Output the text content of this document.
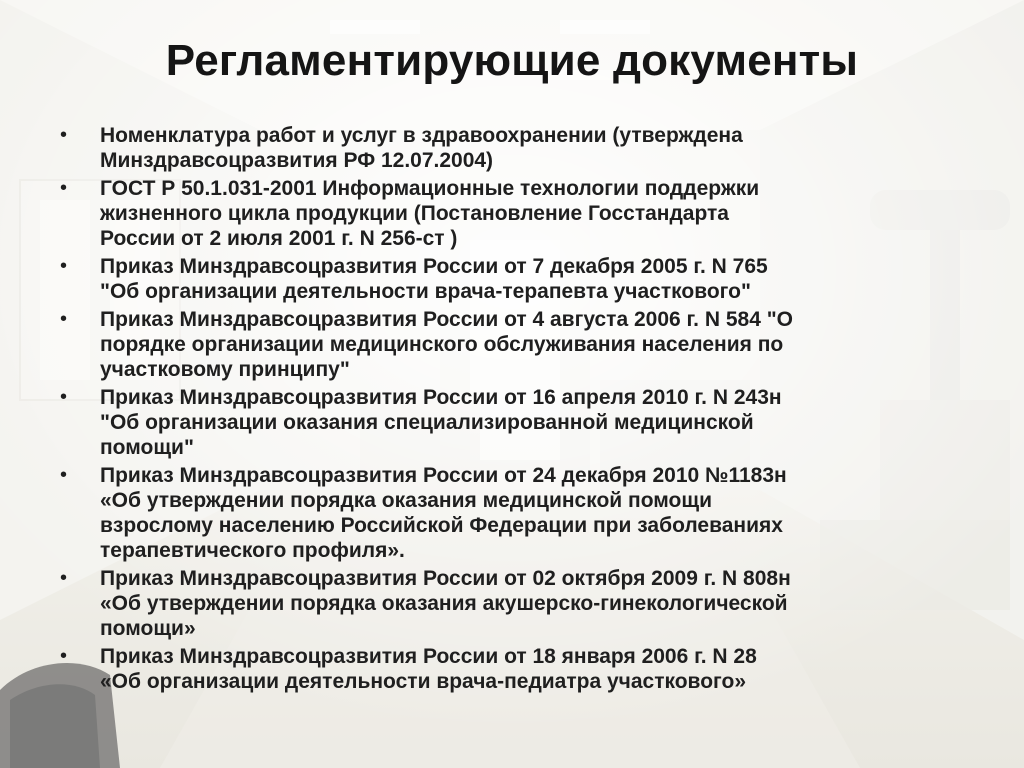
Регламентирующие документы
•	Номенклатура работ и услуг в здравоохранении (утверждена
Минздравсоцразвития РФ 12.07.2004)
•	ГОСТ Р 50.1.031-2001 Информационные технологии поддержки
жизненного цикла продукции (Постановление Госстандарта
России от 2 июля 2001 г. N 256-ст )
•	Приказ Минздравсоцразвития России от 7 декабря 2005 г. N 765
"Об организации деятельности врача-терапевта участкового"
•	Приказ Минздравсоцразвития России от 4 августа 2006 г. N 584 "О
порядке организации медицинского обслуживания населения по
участковому принципу"
•	Приказ Минздравсоцразвития России от 16 апреля 2010 г. N 243н
"Об организации оказания специализированной медицинской
помощи"
•	Приказ Минздравсоцразвития России от 24 декабря 2010 №1183н
«Об утверждении порядка оказания медицинской помощи
взрослому населению Российской Федерации при заболеваниях
терапевтического профиля».
•	Приказ Минздравсоцразвития России от 02 октября 2009 г. N 808н
«Об утверждении порядка оказания акушерско-гинекологической
помощи»
•	Приказ Минздравсоцразвития России от 18 января 2006 г. N 28
«Об организации деятельности врача-педиатра участкового»
